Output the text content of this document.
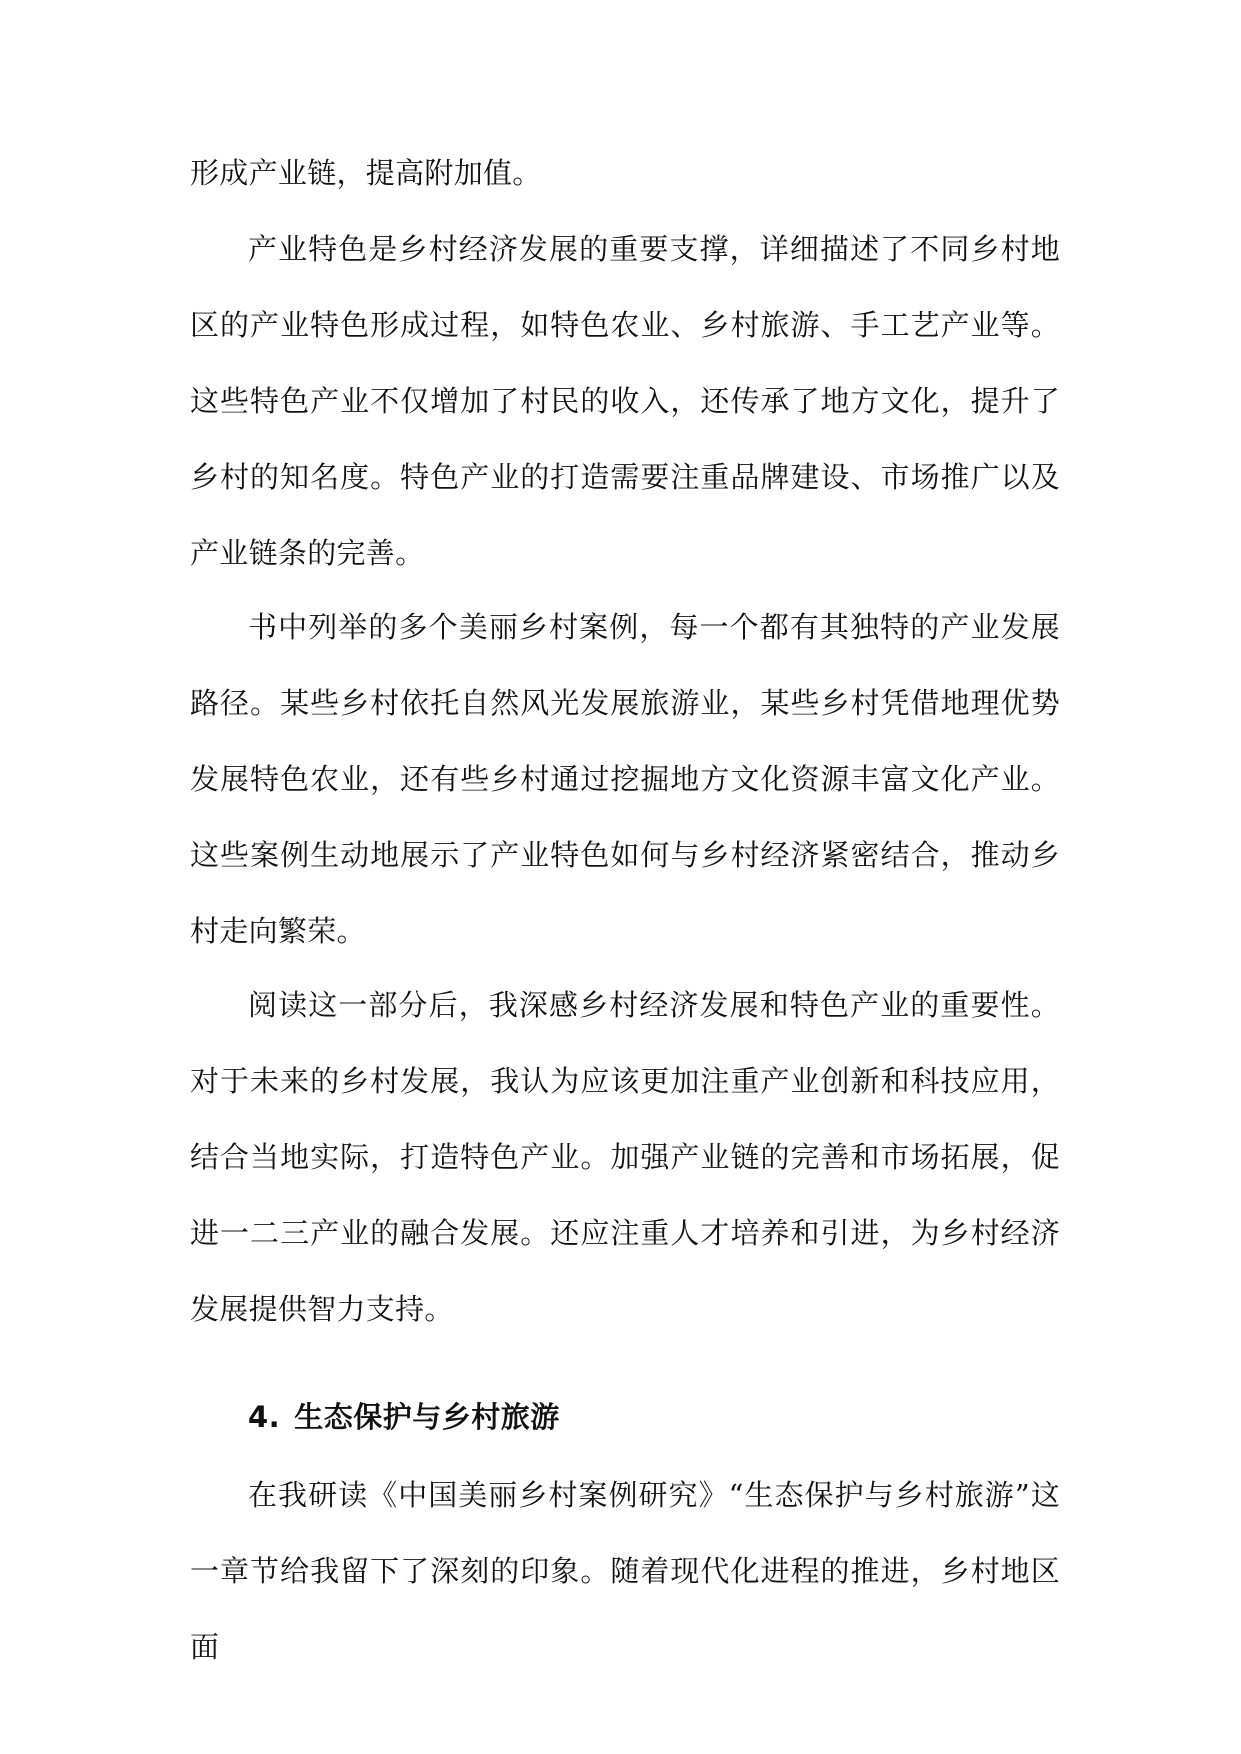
形成产业链，提高附加值。

产业特色是乡村经济发展的重要支撑，详细描述了不同乡村地区的产业特色形成过程，如特色农业、乡村旅游、手工艺产业等。这些特色产业不仅增加了村民的收入，还传承了地方文化，提升了乡村的知名度。特色产业的打造需要注重品牌建设、市场推广以及产业链条的完善。

书中列举的多个美丽乡村案例，每一个都有其独特的产业发展路径。某些乡村依托自然风光发展旅游业，某些乡村凭借地理优势发展特色农业，还有些乡村通过挖掘地方文化资源丰富文化产业。这些案例生动地展示了产业特色如何与乡村经济紧密结合，推动乡村走向繁荣。

阅读这一部分后，我深感乡村经济发展和特色产业的重要性。对于未来的乡村发展，我认为应该更加注重产业创新和科技应用，结合当地实际，打造特色产业。加强产业链的完善和市场拓展，促进一二三产业的融合发展。还应注重人才培养和引进，为乡村经济发展提供智力支持。

4. 生态保护与乡村旅游

在我研读《中国美丽乡村案例研究》“生态保护与乡村旅游”这一章节给我留下了深刻的印象。随着现代化进程的推进，乡村地区面
